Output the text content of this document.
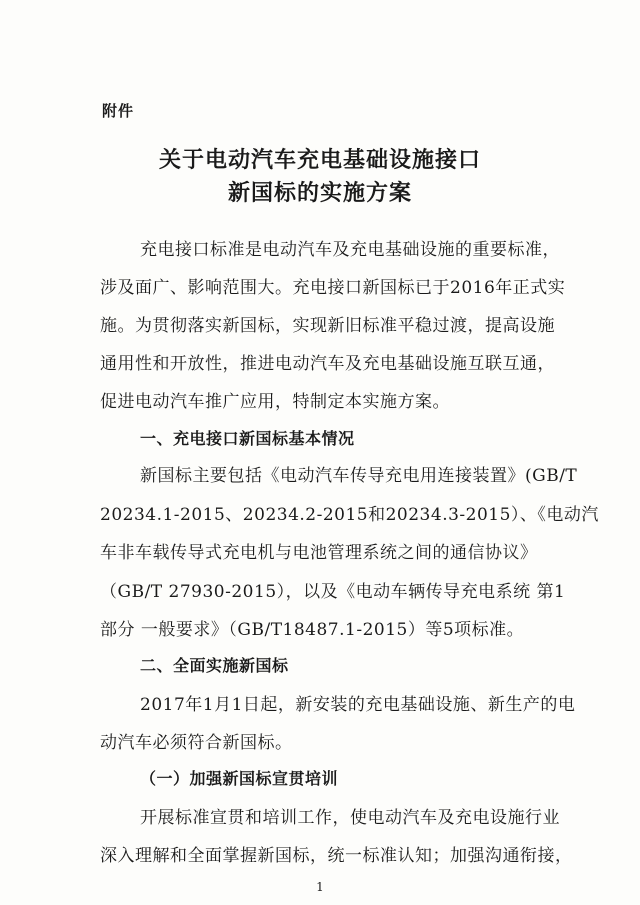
附件
关于电动汽车充电基础设施接口
新国标的实施方案
充电接口标准是电动汽车及充电基础设施的重要标准，
涉及面广、影响范围大。充电接口新国标已于2016年正式实
施。为贯彻落实新国标，实现新旧标准平稳过渡，提高设施
通用性和开放性，推进电动汽车及充电基础设施互联互通，
促进电动汽车推广应用，特制定本实施方案。
一、充电接口新国标基本情况
新国标主要包括《电动汽车传导充电用连接装置》(GB/T
20234.1-2015、20234.2-2015和20234.3-2015）、《电动汽
车非车载传导式充电机与电池管理系统之间的通信协议》
（GB/T 27930-2015），以及《电动车辆传导充电系统 第1
部分 一般要求》（GB/T18487.1-2015）等5项标准。
二、全面实施新国标
2017年1月1日起，新安装的充电基础设施、新生产的电
动汽车必须符合新国标。
（一）加强新国标宣贯培训
开展标准宣贯和培训工作，使电动汽车及充电设施行业
深入理解和全面掌握新国标，统一标准认知；加强沟通衔接，
1
